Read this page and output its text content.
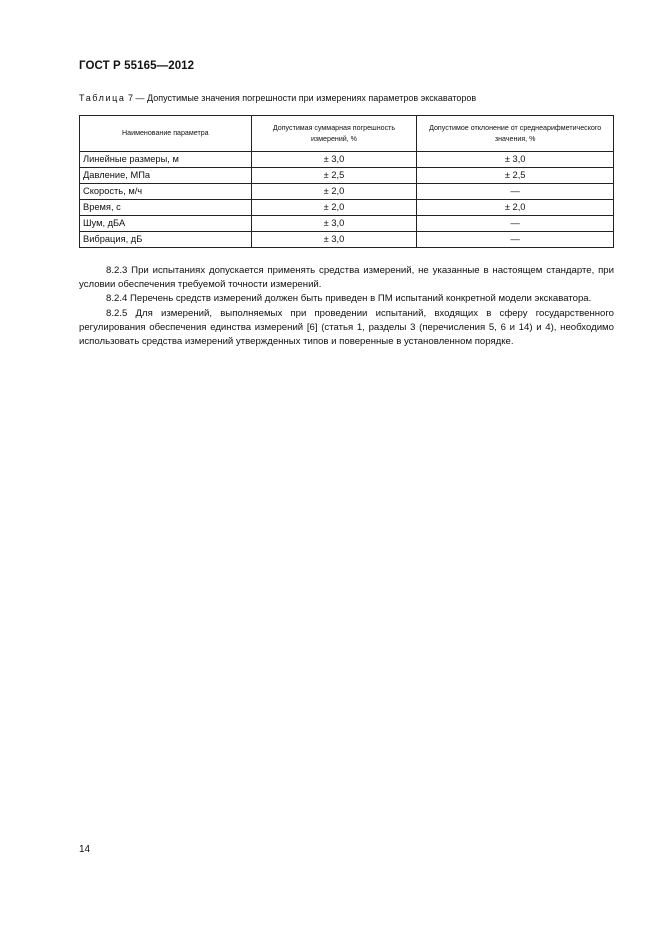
ГОСТ Р 55165—2012
Таблица 7 — Допустимые значения погрешности при измерениях параметров экскаваторов
Наименование параметра	Допустимая суммарная погрешность измерений, %	Допустимое отклонение от среднеарифметического значения, %
Линейные размеры, м	± 3,0	± 3,0
Давление, МПа	± 2,5	± 2,5
Скорость, м/ч	± 2,0	—
Время, с	± 2,0	± 2,0
Шум, дБА	± 3,0	—
Вибрация, дБ	± 3,0	—

8.2.3 При испытаниях допускается применять средства измерений, не указанные в настоящем стандарте, при условии обеспечения требуемой точности измерений.

8.2.4 Перечень средств измерений должен быть приведен в ПМ испытаний конкретной модели экскаватора.

8.2.5 Для измерений, выполняемых при проведении испытаний, входящих в сферу государственного регулирования обеспечения единства измерений [6] (статья 1, разделы 3 (перечисления 5, 6 и 14) и 4), необходимо использовать средства измерений утвержденных типов и поверенные в установленном порядке.

14
